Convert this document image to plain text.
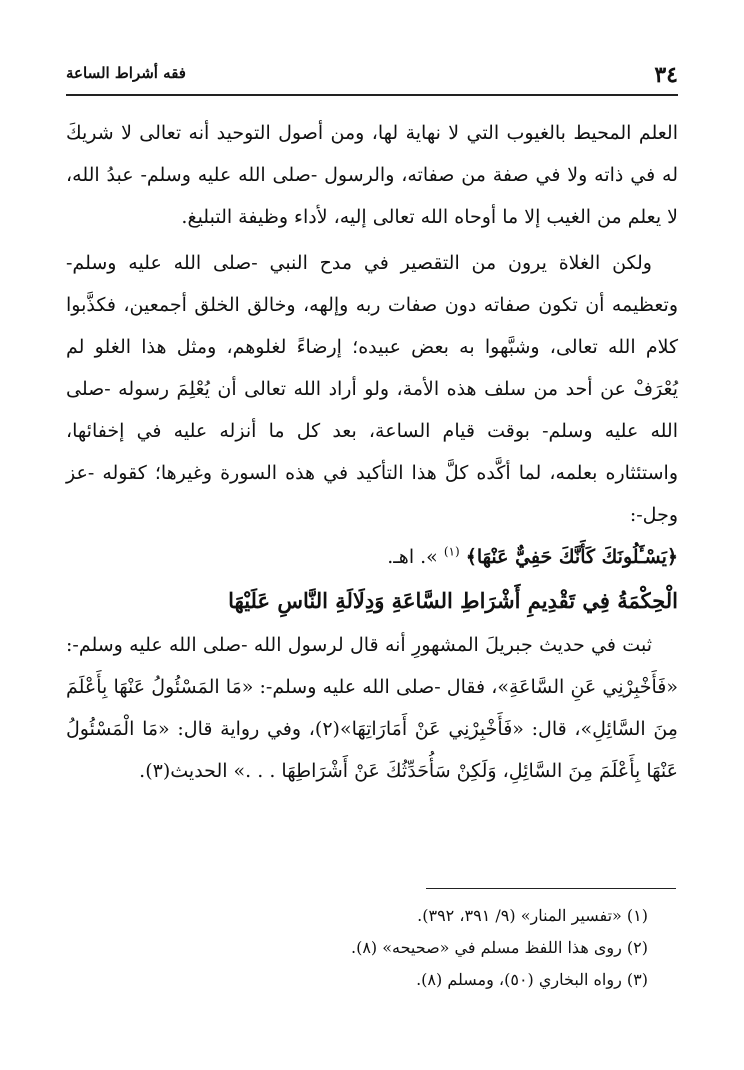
فقه أشراط الساعة	٣٤

العلم المحيط بالغيوب التي لا نهاية لها، ومن أصول التوحيد أنه تعالى لا شريكَ له في ذاته ولا في صفة من صفاته، والرسول -صلى الله عليه وسلم- عبدُ الله، لا يعلم من الغيب إلا ما أوحاه الله تعالى إليه، لأداء وظيفة التبليغ.

ولكن الغلاة يرون من التقصير في مدح النبي -صلى الله عليه وسلم- وتعظيمه أن تكون صفاته دون صفات ربه وإلهه، وخالق الخلق أجمعين، فكذَّبوا كلام الله تعالى، وشبَّهوا به بعض عبيده؛ إرضاءً لغلوهم، ومثل هذا الغلو لم يُعْرَفْ عن أحد من سلف هذه الأمة، ولو أراد الله تعالى أن يُعْلِمَ رسوله -صلى الله عليه وسلم- بوقت قيام الساعة، بعد كل ما أنزله عليه في إخفائها، واستئثاره بعلمه، لما أكَّده كلَّ هذا التأكيد في هذه السورة وغيرها؛ كقوله -عز وجل-:

﴿يَسْـَٔلُونَكَ كَأَنَّكَ حَفِيٌّ عَنْهَا﴾ $^{(١)}$ ». اهـ.

الْحِكْمَةُ فِي تَقْدِيمِ أَشْرَاطِ السَّاعَةِ وَدِلَالَةِ النَّاسِ عَلَيْهَا

ثبت في حديث جبريلَ المشهورِ أنه قال لرسول الله -صلى الله عليه وسلم-: «فَأَخْبِرْنِي عَنِ السَّاعَةِ»، فقال -صلى الله عليه وسلم-: «مَا المَسْئُولُ عَنْهَا بِأَعْلَمَ مِنَ السَّائِلِ»، قال: «فَأَخْبِرْنِي عَنْ أَمَارَاتِهَا»(٢)، وفي رواية قال: «مَا الْمَسْئُولُ عَنْهَا بِأَعْلَمَ مِنَ السَّائِلِ، وَلَكِنْ سَأُحَدِّثُكَ عَنْ أَشْرَاطِهَا . . .» الحديث(٣).

(١) «تفسير المنار» (٩/ ٣٩١، ٣٩٢).
(٢) روى هذا اللفظ مسلم في «صحيحه» (٨).
(٣) رواه البخاري (٥٠)، ومسلم (٨).
